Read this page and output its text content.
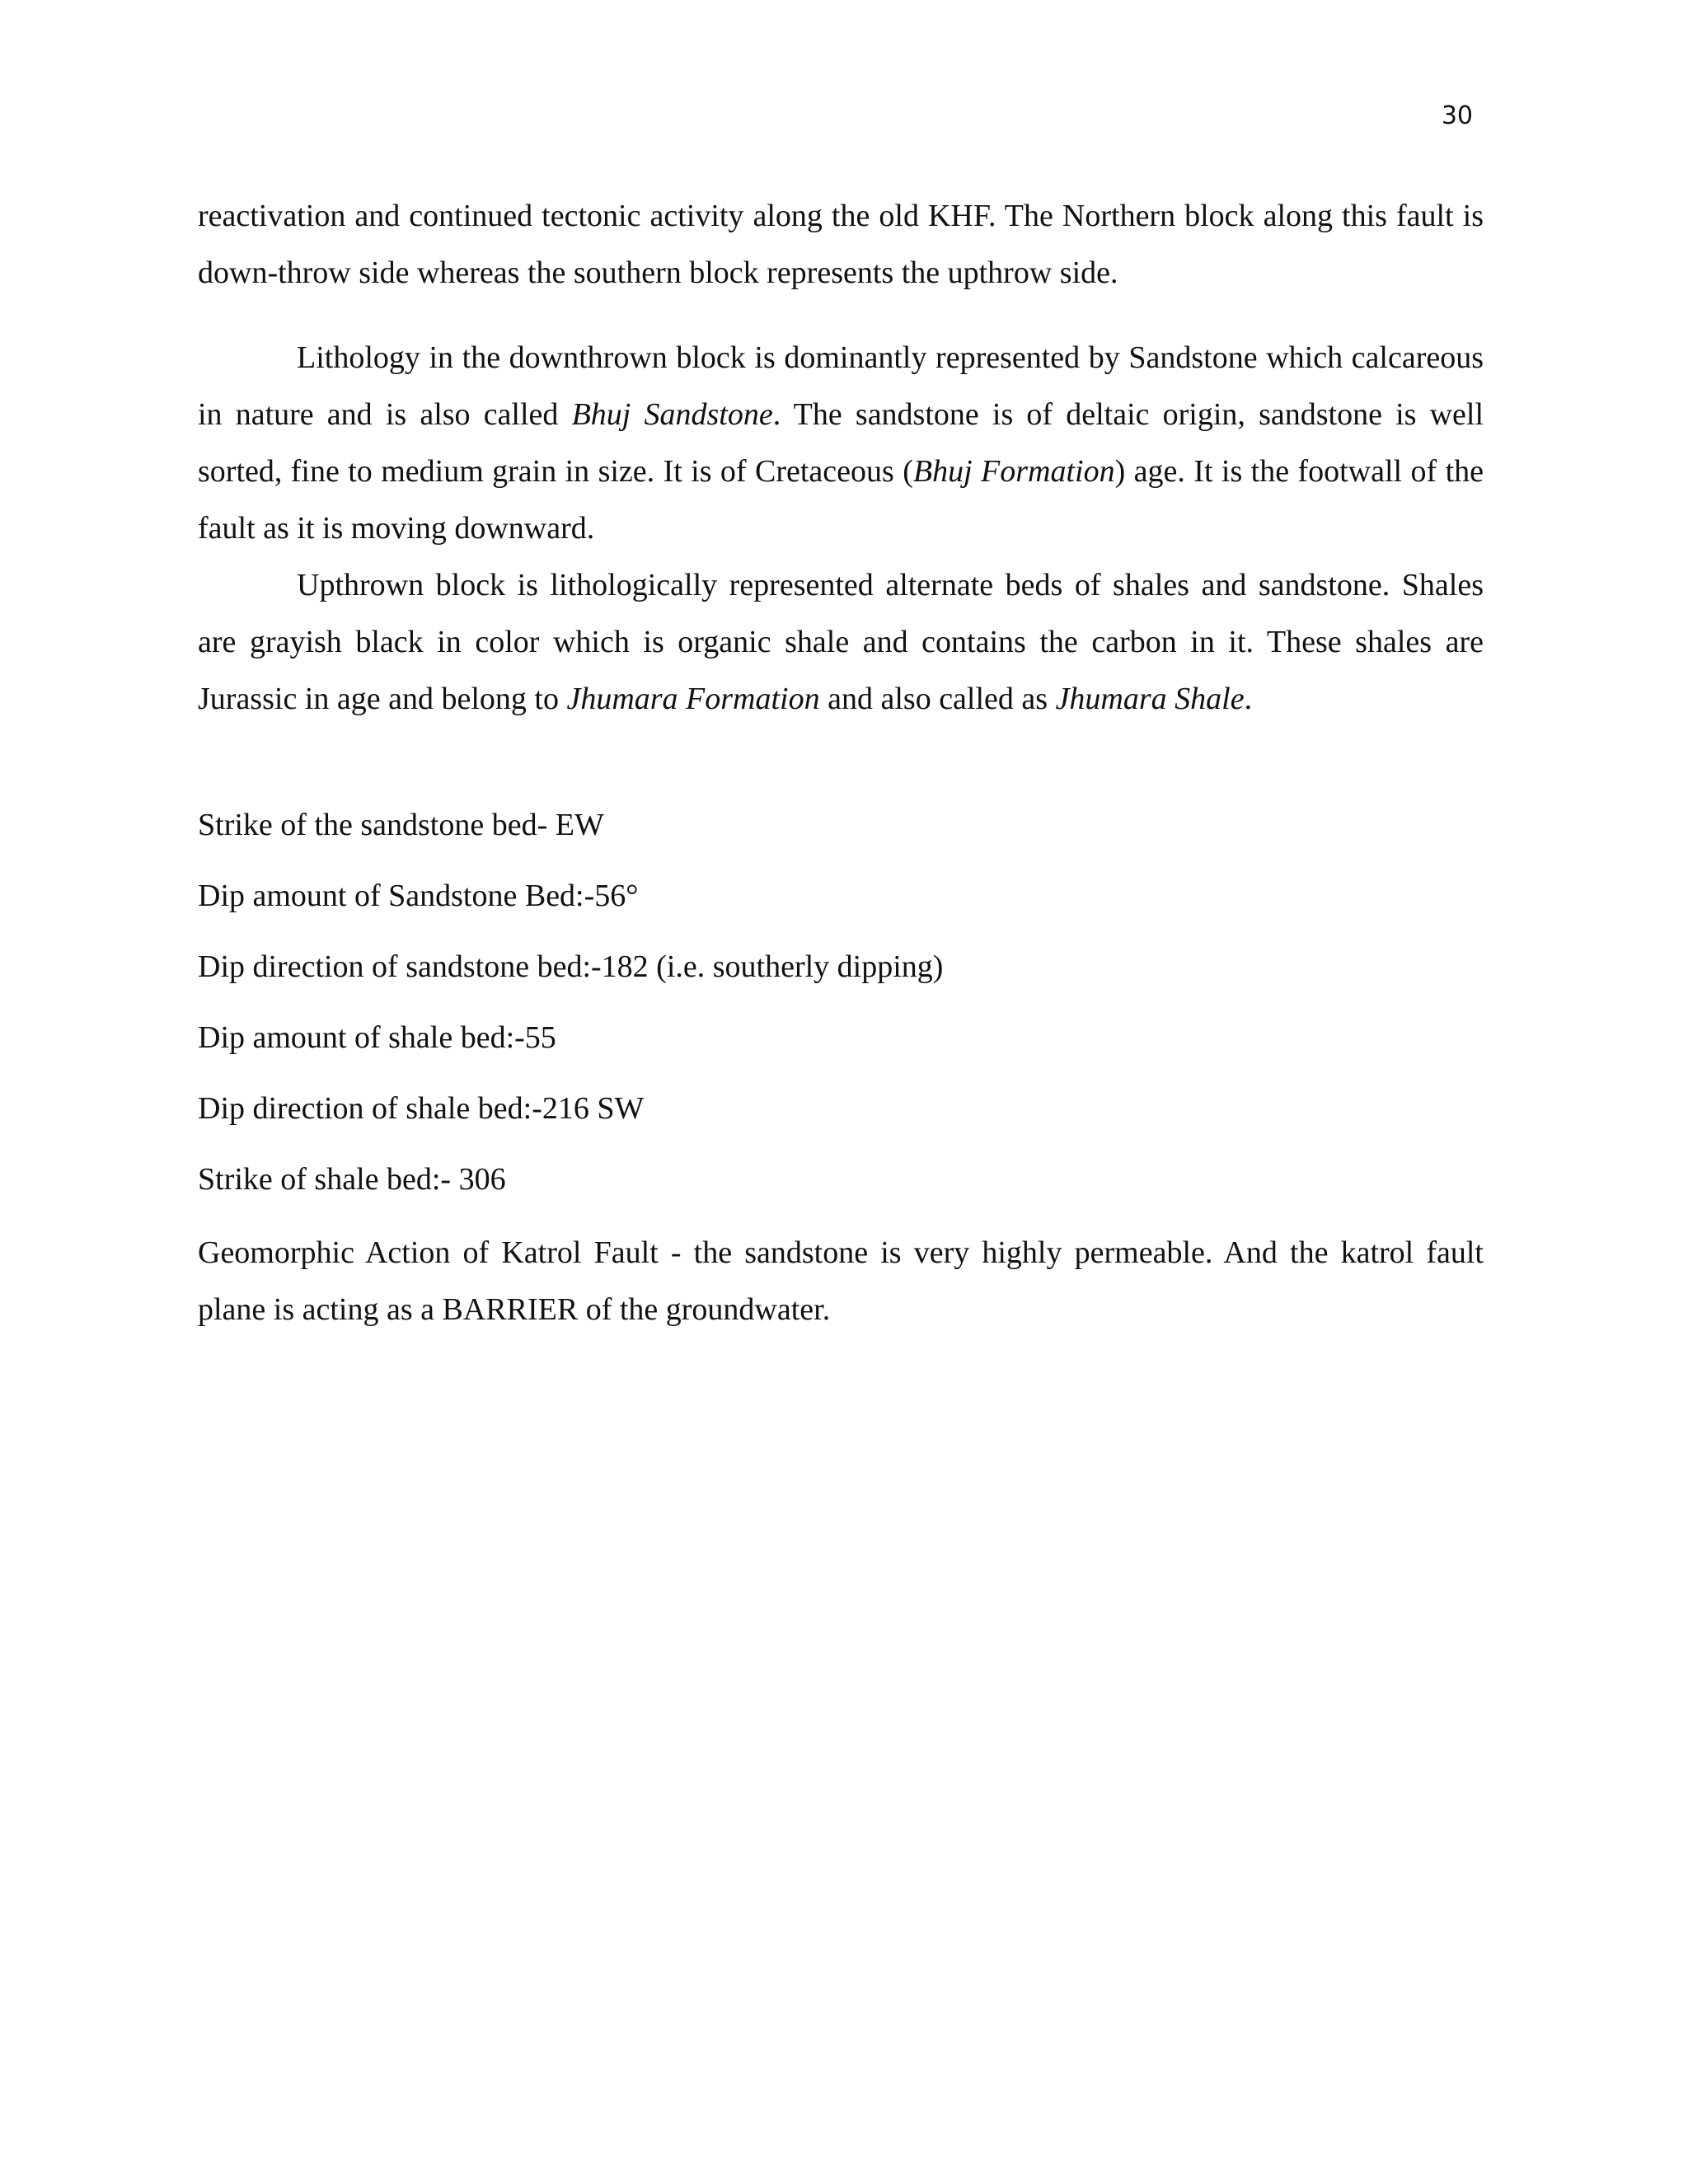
30

reactivation and continued tectonic activity along the old KHF. The Northern block along this fault is down-throw side whereas the southern block represents the upthrow side.

Lithology in the downthrown block is dominantly represented by Sandstone which calcareous in nature and is also called Bhuj Sandstone. The sandstone is of deltaic origin, sandstone is well sorted, fine to medium grain in size. It is of Cretaceous (Bhuj Formation) age. It is the footwall of the fault as it is moving downward.

Upthrown block is lithologically represented alternate beds of shales and sandstone. Shales are grayish black in color which is organic shale and contains the carbon in it. These shales are Jurassic in age and belong to Jhumara Formation and also called as Jhumara Shale.

Strike of the sandstone bed- EW
Dip amount of Sandstone Bed:-56°
Dip direction of sandstone bed:-182 (i.e. southerly dipping)
Dip amount of shale bed:-55
Dip direction of shale bed:-216 SW
Strike of shale bed:- 306
Geomorphic Action of Katrol Fault - the sandstone is very highly permeable. And the katrol fault plane is acting as a BARRIER of the groundwater.
